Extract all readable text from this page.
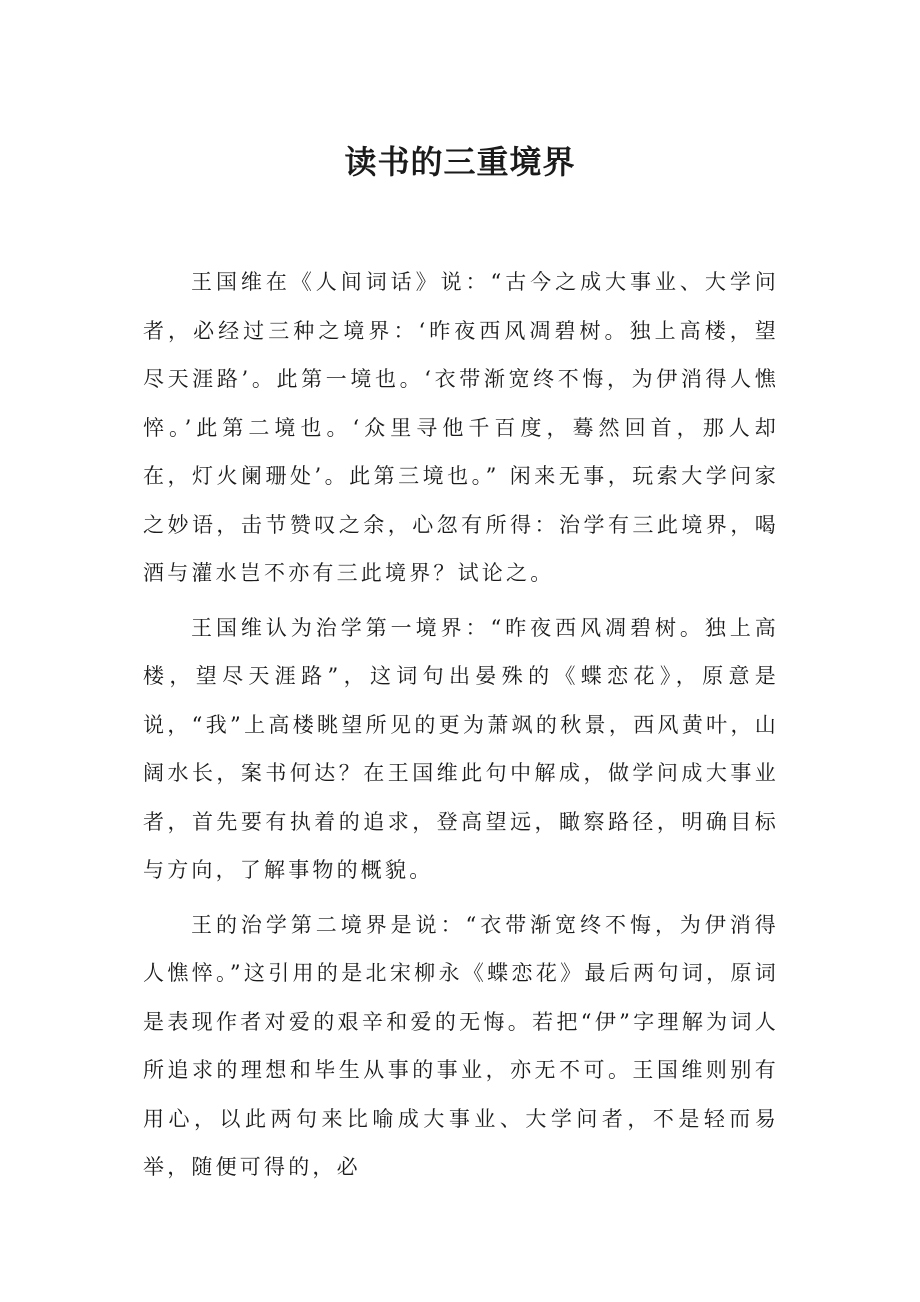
读书的三重境界

王国维在《人间词话》说：“古今之成大事业、大学问者，必经过三种之境界：‘昨夜西风凋碧树。独上高楼，望尽天涯路’。此第一境也。‘衣带渐宽终不悔，为伊消得人憔悴。’此第二境也。‘众里寻他千百度，蓦然回首，那人却在，灯火阑珊处’。此第三境也。” 闲来无事，玩索大学问家之妙语，击节赞叹之余，心忽有所得：治学有三此境界，喝酒与灌水岂不亦有三此境界？试论之。

王国维认为治学第一境界：“昨夜西风凋碧树。独上高楼，望尽天涯路”，这词句出晏殊的《蝶恋花》，原意是说，“我”上高楼眺望所见的更为萧飒的秋景，西风黄叶，山阔水长，案书何达？在王国维此句中解成，做学问成大事业者，首先要有执着的追求，登高望远，瞰察路径，明确目标与方向，了解事物的概貌。

王的治学第二境界是说：“衣带渐宽终不悔，为伊消得人憔悴。”这引用的是北宋柳永《蝶恋花》最后两句词，原词是表现作者对爱的艰辛和爱的无悔。若把“伊”字理解为词人所追求的理想和毕生从事的事业，亦无不可。王国维则别有用心，以此两句来比喻成大事业、大学问者，不是轻而易举，随便可得的，必
